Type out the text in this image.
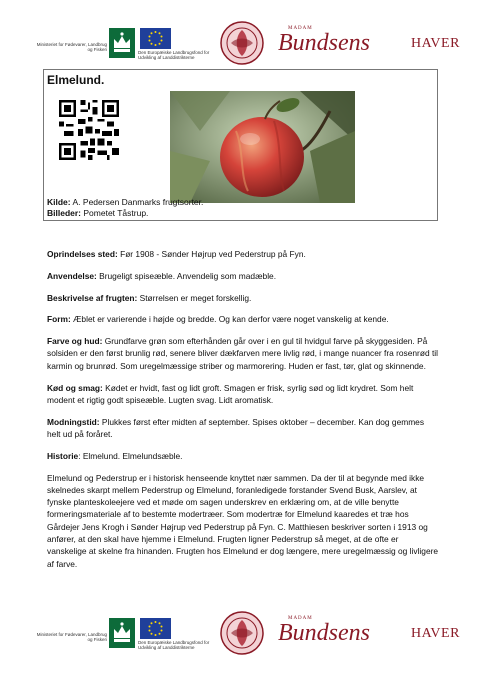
Ministeriet for Fødevarer, Landbrug og Fiskeri
Den Europæiske Landbrugsfond for Udvikling af Landdistrikterne
MADAM
Bundsens	HAVER
Elmelund.
Kilde: A. Pedersen Danmarks frugtsorter.
Billeder: Pometet Tåstrup.

Oprindelses sted: Før 1908 - Sønder Højrup ved Pederstrup på Fyn.

Anvendelse: Brugeligt spiseæble. Anvendelig som madæble.

Beskrivelse af frugten: Størrelsen er meget forskellig.

Form: Æblet er varierende i højde og bredde. Og kan derfor være noget vanskelig at kende.

Farve og hud: Grundfarve grøn som efterhånden går over i en gul til hvidgul farve på skyggesiden. På solsiden er den først brunlig rød, senere bliver dækfarven mere livlig rød, i mange nuancer fra rosenrød til karmin og brunrød. Som uregelmæssige striber og marmorering. Huden er fast, tør, glat og skinnende.

Kød og smag: Kødet er hvidt, fast og lidt groft. Smagen er frisk, syrlig sød og lidt krydret. Som helt modent et rigtig godt spiseæble. Lugten svag. Lidt aromatisk.

Modningstid: Plukkes først efter midten af september. Spises oktober – december. Kan dog gemmes helt ud på foråret.

Historie: Elmelund. Elmelundsæble.

Elmelund og Pederstrup er i historisk henseende knyttet nær sammen. Da der til at begynde med ikke skelnedes skarpt mellem Pederstrup og Elmelund, foranledigede forstander Svend Busk, Aarslev, at fynske planteskoleejere ved et møde om sagen underskrev en erklæring om, at de ville benytte formeringsmateriale af to bestemte modertræer. Som modertræ for Elmelund kaaredes et træ hos Gårdejer Jens Krogh i Sønder Højrup ved Pederstrup på Fyn. C. Matthiesen beskriver sorten i 1913 og anfører, at den skal have hjemme i Elmelund. Frugten ligner Pederstrup så meget, at de ofte er vanskelige at skelne fra hinanden. Frugten hos Elmelund er dog længere, mere uregelmæssig og livligere af farve.

Ministeriet for Fødevarer, Landbrug og Fiskeri
Den Europæiske Landbrugsfond for Udvikling af Landdistrikterne
MADAM
Bundsens	HAVER
